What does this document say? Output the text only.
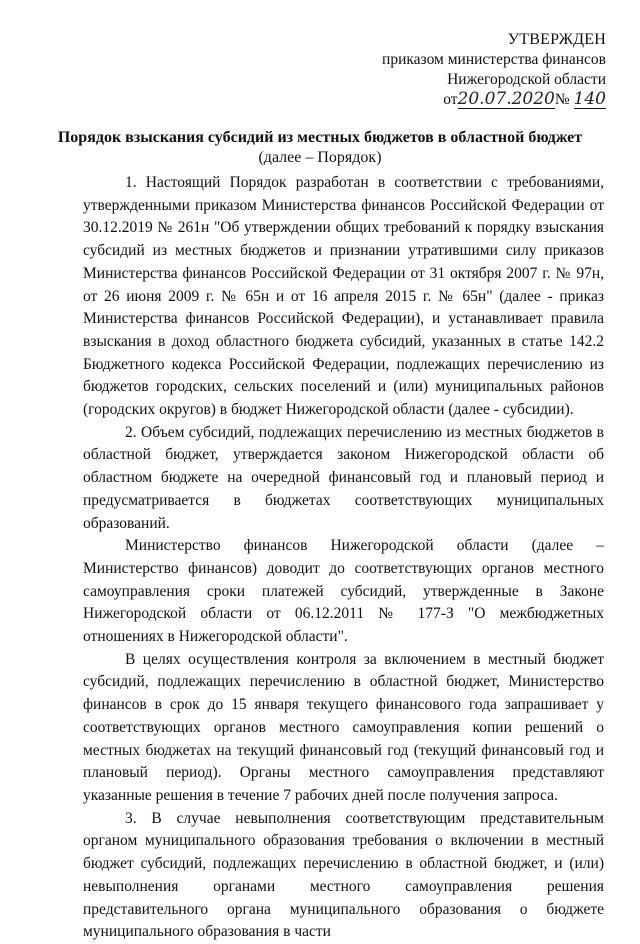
УТВЕРЖДЕН
приказом министерства финансов
Нижегородской области
от20.07.2020№ 140
Порядок взыскания субсидий из местных бюджетов в областной бюджет
(далее – Порядок)

1. Настоящий Порядок разработан в соответствии с требованиями, утвержденными приказом Министерства финансов Российской Федерации от 30.12.2019 № 261н "Об утверждении общих требований к порядку взыскания субсидий из местных бюджетов и признании утратившими силу приказов Министерства финансов Российской Федерации от 31 октября 2007 г. № 97н, от 26 июня 2009 г. № 65н и от 16 апреля 2015 г. № 65н" (далее - приказ Министерства финансов Российской Федерации), и устанавливает правила взыскания в доход областного бюджета субсидий, указанных в статье 142.2 Бюджетного кодекса Российской Федерации, подлежащих перечислению из бюджетов городских, сельских поселений и (или) муниципальных районов (городских округов) в бюджет Нижегородской области (далее - субсидии).

2. Объем субсидий, подлежащих перечислению из местных бюджетов в областной бюджет, утверждается законом Нижегородской области об областном бюджете на очередной финансовый год и плановый период и предусматривается в бюджетах соответствующих муниципальных образований.

Министерство финансов Нижегородской области (далее – Министерство финансов) доводит до соответствующих органов местного самоуправления сроки платежей субсидий, утвержденные в Законе Нижегородской области от 06.12.2011 № 177-З "О межбюджетных отношениях в Нижегородской области".

В целях осуществления контроля за включением в местный бюджет субсидий, подлежащих перечислению в областной бюджет, Министерство финансов в срок до 15 января текущего финансового года запрашивает у соответствующих органов местного самоуправления копии решений о местных бюджетах на текущий финансовый год (текущий финансовый год и плановый период). Органы местного самоуправления представляют указанные решения в течение 7 рабочих дней после получения запроса.

3. В случае невыполнения соответствующим представительным органом муниципального образования требования о включении в местный бюджет субсидий, подлежащих перечислению в областной бюджет, и (или) невыполнения органами местного самоуправления решения представительного органа муниципального образования о бюджете муниципального образования в части
